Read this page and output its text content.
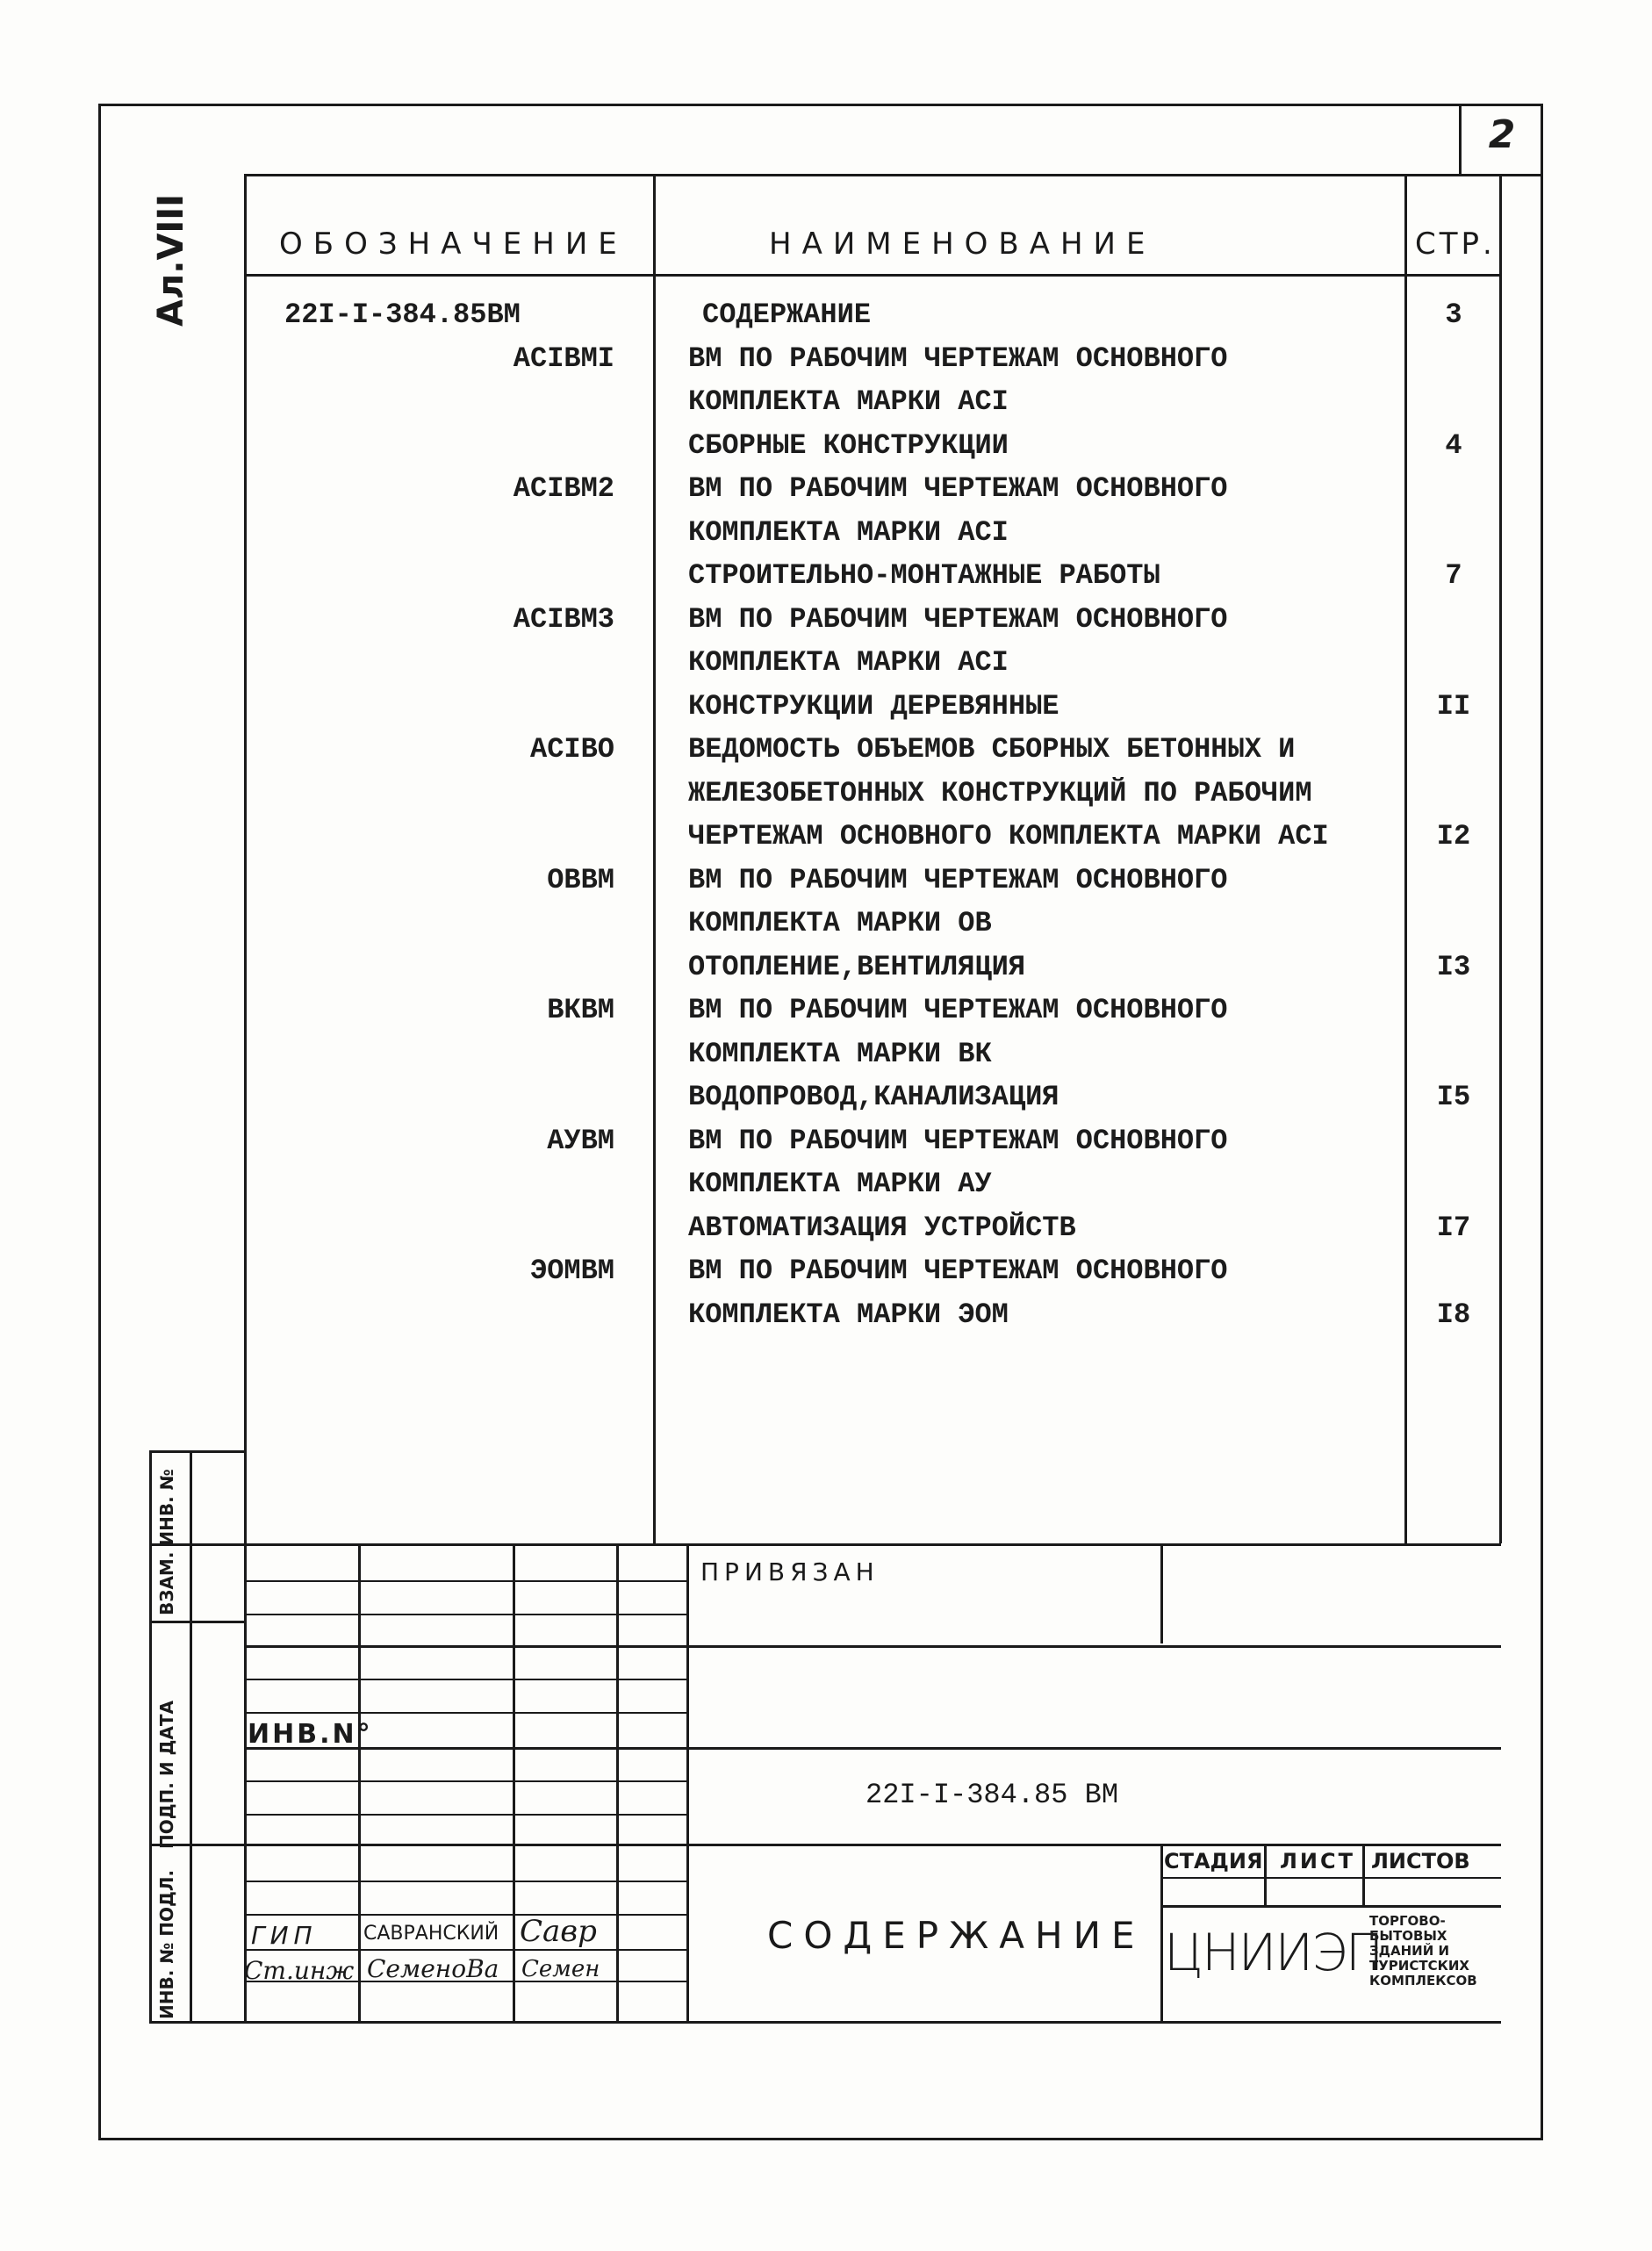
2
Ал.VIII	ОБОЗНАЧЕНИЕ	НАИМЕНОВАНИЕ	СТР.
22I-I-384.85ВМ	СОДЕРЖАНИЕ	3
АСIВМI	ВМ ПО РАБОЧИМ ЧЕРТЕЖАМ ОСНОВНОГО
КОМПЛЕКТА МАРКИ АСI
СБОРНЫЕ КОНСТРУКЦИИ	4
АСIВМ2	ВМ ПО РАБОЧИМ ЧЕРТЕЖАМ ОСНОВНОГО
КОМПЛЕКТА МАРКИ АСI
СТРОИТЕЛЬНО-МОНТАЖНЫЕ РАБОТЫ	7
АСIВМ3	ВМ ПО РАБОЧИМ ЧЕРТЕЖАМ ОСНОВНОГО
КОМПЛЕКТА МАРКИ АСI
КОНСТРУКЦИИ ДЕРЕВЯННЫЕ	II
АСIВО	ВЕДОМОСТЬ ОБЪЕМОВ СБОРНЫХ БЕТОННЫХ И
ЖЕЛЕЗОБЕТОННЫХ КОНСТРУКЦИЙ ПО РАБОЧИМ
ЧЕРТЕЖАМ ОСНОВНОГО КОМПЛЕКТА МАРКИ АСI	I2
ОВВМ	ВМ ПО РАБОЧИМ ЧЕРТЕЖАМ ОСНОВНОГО
КОМПЛЕКТА МАРКИ ОВ
ОТОПЛЕНИЕ,ВЕНТИЛЯЦИЯ	I3
ВКВМ	ВМ ПО РАБОЧИМ ЧЕРТЕЖАМ ОСНОВНОГО
КОМПЛЕКТА МАРКИ ВК
ВОДОПРОВОД,КАНАЛИЗАЦИЯ	I5
АУВМ	ВМ ПО РАБОЧИМ ЧЕРТЕЖАМ ОСНОВНОГО
КОМПЛЕКТА МАРКИ АУ
АВТОМАТИЗАЦИЯ УСТРОЙСТВ	I7
ЭОМВМ	ВМ ПО РАБОЧИМ ЧЕРТЕЖАМ ОСНОВНОГО
КОМПЛЕКТА МАРКИ ЭОМ	I8
ВЗАМ. ИНВ. №
ПОДП. И ДАТА
ИНВ. № ПОДЛ.
ПРИВЯЗАН
ИНВ.N°
22I-I-384.85 ВМ
СОДЕРЖАНИЕ
СТАДИЯ ЛИСТ ЛИСТОВ
ГИП САВРАНСКИЙ Савр
Ст.инж СеменоВа Семен	ЦНИИЭП
ТОРГОВО-
БЫТОВЫХ
ЗДАНИЙ И
ТУРИСТСКИХ
КОМПЛЕКСОВ
